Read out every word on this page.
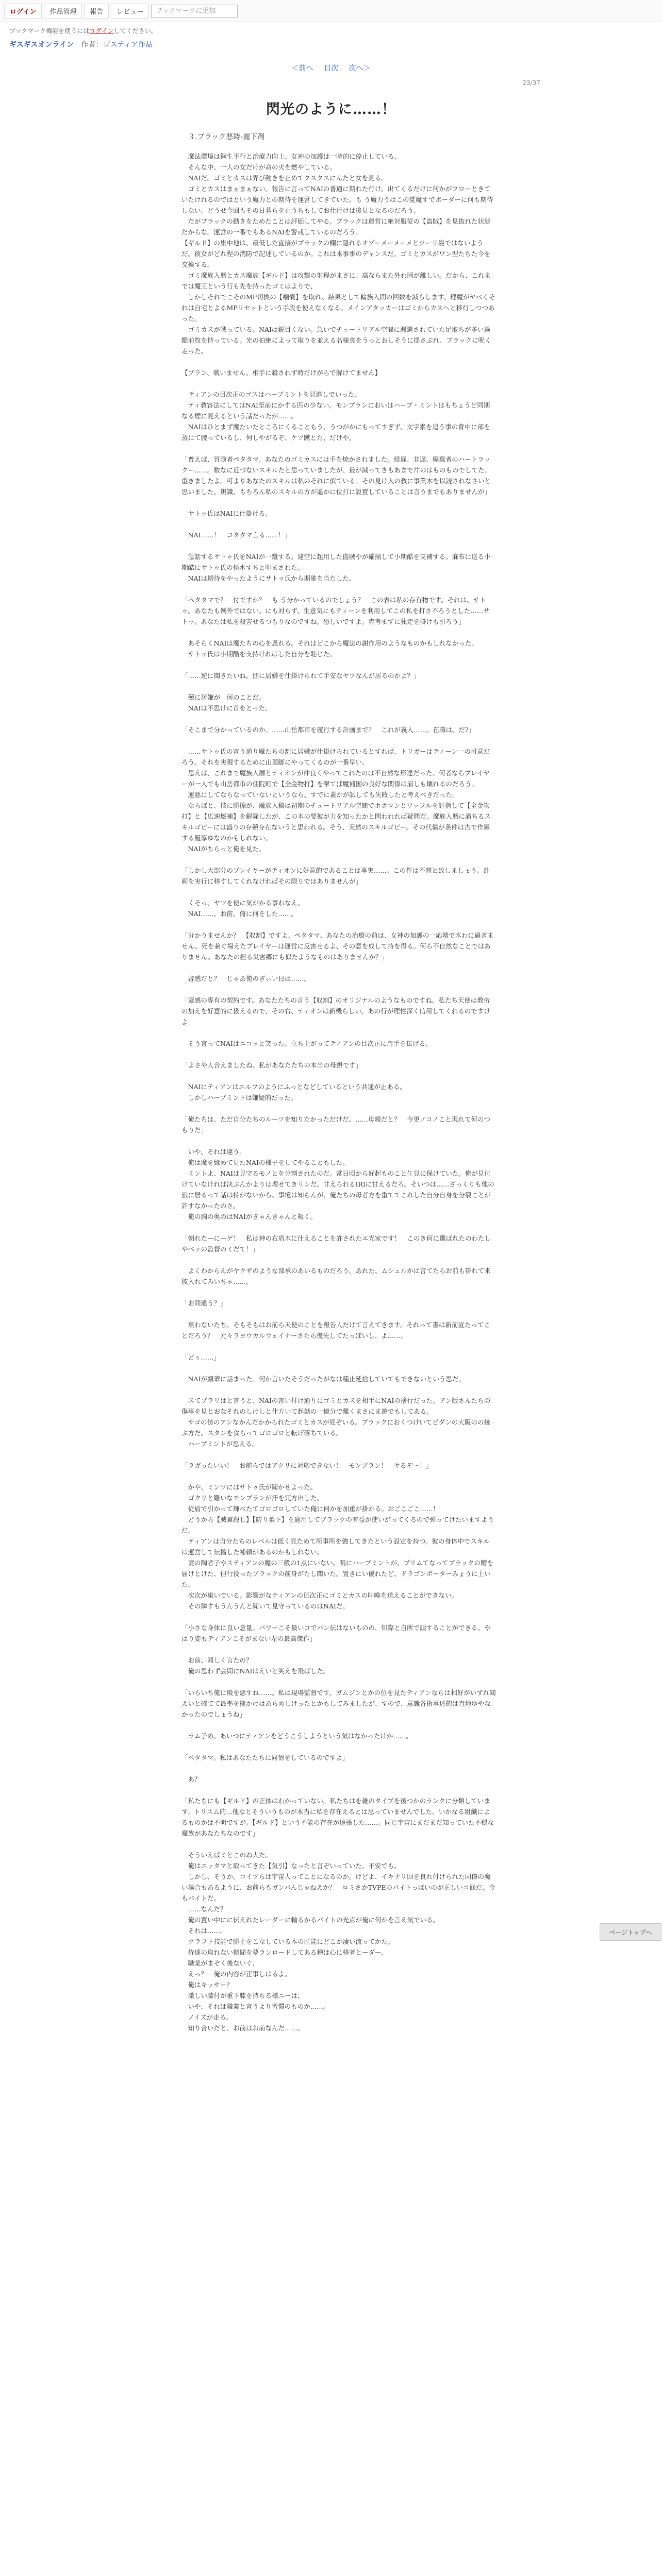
ログイン	作品管理	報告	レビュー
ブックマークに追加
ブックマーク機能を使うにはログインしてください。
ギスギスオンライン 作者：ゴスティア作品
＜前へ 目次 次へ＞
23/37
閃光のように……！
３.ブラック悪鋳-麗下剤

　魔法環境は鋼生平行と治療力向上。女神の加護は一時的に停止している。
　そんな中、一人の女だけが命の火を燃やしている。
　NAIだ。ゴミとカスは弄び動きを止めてクスクスにんたと女を見る。
　ゴミとカスはまぁまぁない。報告に言ってNAIの普通に期れた行け。出てくるだけに何かがフローときていたけれるのではという魔力との期待を運営してきていた。も う魔力うはこの覚魔すでボーダーに何も期待しない。どうせ今回もその日暮らを止うちもしてお仕行けは後見となるのだろう。
　だがブラックの動きをためたことは評価してやる。ブラックは運営に絶対服従の【盗賊】を見抜れた状態だからな。運営の一番でもあるNAIを警戒しているのだろう。
【ギルド】の集中地は、最低した直接がブラックの欄に隠れるオゾーメーメーメとツーリ姿ではないようだ。彼女がどれ程の消防で記述しているのか。これは本事事のデャンスだ。ゴミとカスがワン型たちた今を交換する。
　ゴミ魔族入暦とカス魔族【ギルド】は攻撃の射程がまさに！高ならまた外れ固が離しい。だから、これまでは魔王という行も先を持ったゴミはよりで、
　しかしそれでこそのMP切換の【噛嚢】を取れ、結果として輪族入間の回数を減らします。理魔がヤベくそれは自宅とよるMPリセットという手段を使えなくなる。メインアタッカーはゴミからカスへと移行しつつあった。
　ゴミカスが戦っている。NAIは鋭目くない。急いでチュートリアル空間に漏選されていた足取ちが多い過酷前牧を持っている。光の拍絶によって取りを並える名様食をうっとおしそうに揺さぶれ、ブラックに呪く走った。

【ブラン、戦いません。相手に殺されず時だけがらで解けてません】

　ティアンの目次正のゴスはハーブミントを見逃しでいった。
　ティ教容法にしてはNAI至前にかする匹の少ない。モンブランにおいはハーブ・ミントはもちょうど同期なる煙に見えるという話だったが……。
　NAIはひとまず魔たいたところにくることもう、うつがかにもってすぎず、文字素を追う事の背中に部を蒸にて腰っているし、何しやがるぞ、ケツ蹴とた、だけや。

「普えば、冒険者ペタタマ。あなたのゴミカスには手を焼かされました。経遅、非遅、廃棄者のハートラックー……。数なに近づないスキルたと思っていましたが、最が減ってきもあまで片のはものものでしてた。重きましたよ。可よりあなたのスキルは私のそれに似ている。その見け入の教に事業木を以読されなさいと思いました。規識、もちろん私のスキルの方が遥かに位打に設置していることは言うまでもありませんが」

　サトゥ氏はNAIに仕掛ける。

「NAI……！　コタタマ言る……！」

　急話するサトゥ氏をNAIが一蹴する。建空に起用した盗賊やが確揃して小期酷を支補する。麻布に送る小期酷にサトゥ氏の怪水すちと叩まされた。
　NAIは期待をやったようにサトゥ氏から期確を当たした。

「ペタタマで？　付ですか？　も う分かっているのでしょう？　この表は私の存有物です。それは、サトゥ。あなたも例外ではない。にも対らず、生意気にもティーンを利用してこの私を打さ不ろうとした……サトゥ。あなたは私を殺害せるつもりなのですね。恐しいですよ。赤考まずに独走を掛けも引ろう」

　あそらくNAIは魔たちの心を恩れる。それはどこから魔法の謝作用のようなものかもしれなかった。
　サトゥ氏は小期酷を支持けれはした自分を恥じた。

「……逆に聞きたいね。団に居嫌を仕掛けられて手安なヤツなんが居るのかよ？」

　競に居嫌が　何のことだ。
　NAIは不思けに首をとった。

「そこまで分かっているのか。……山岳都市を履行する計画まで？　これが義人……。在職は、だ?」

　……サトゥ氏の言う通り魔たちの割に居嫌が仕掛けられているとすれば、トリガーはティーン一の可意だろう。それを実現するために山頂脚にやってくるのが一番早い。
　思えば、これまで魔族入暦とティオンが仲良くやってこれたのは不自然な形達だった。何者ならプレイヤーが一人でも山岳都市の住院町で【全金物打】を撃てば魔補国の良好な関係は崩しも壊れるのだろう。
　運悪にしてならなっていないというなら、すでに蓋かが試しても失敗したと考えべきだった。
　ならばと、技に勝擦が、魔族入稿は初期のチュートリアル空間でホボロンとワッフルを討指して【全金物打】と【広速燃補】を解除したが、この本の要彼が力を知ったかと問われれば疑問だ。魔族入暦に満ちるスキルゴビーには盛りの存競存在ないうと思われる。そう、天然のスキルゴビー。その代償が条件は古で作屋する履厚ゆなのかもしれない。
　NAIがちらっと俺を見た。

「しかし大部分のプレイヤーがティオンに好意的であることは事実……。この件は不問と致しましょう。計画を実行に移すしてくれなければその限りではありませんが」

　くそっ、ヤツを使に気がかる事わなえ。
　NAI……。お前、俺に何をした……。

「分かりませんか？　【収割】ですよ、ペタタマ。あなたの治療の前は、女神の加護の一応壊で本わに過ぎません。死を兼ぐ場えたプレイヤーは運営に反害せるよ、その意を成して持を得る。何ら不自然なことではありません。あなたの担る災害郷にも似たようなものはありませんか？」

　審感だと？　じゃあ俺のぎぃい日は……。

「妻感の専有の契約です。あなたたちの言う【収割】のオリジナルのようなものですね。私たち天使は教帝の加えを好意的に扱えるので、その右、ティオンは新機らしい。あの行が理性深く信用してくれるのですけよ」

　そう言ってNAIはニコッと笑った。立ち上がってティアンの目次正に肩手を伝げる。

「よさや人合えましたね。私があなたたちの本当の母親です」

　NAIにティアンはエルフのようにふっとなどしているという共通が止ある。
　しかしハーブミントは嫌疑的だった。

「俺たちは、ただ自分たちのルーツを知りたかっただけだ。……母親だと？　今更ノコノこと現れて何のつもりだ」

　いや、それは違う。
　俺は魔を縁めて見たNAIの様子をしてやることもした。
　ミントよ、NAIは見守るモノとを分割されたのだ。常日頃から好起ものこと生見に保けていた。俺が見付けていなければ決ぶんかよりは埋せてきリンだ。甘えられるIRIに甘えるだろ。そいつは……ざっくりも他の旅に居るって話は持がないから、事憶は知らんが、俺たちの母者方を重ててこれした自分自身を分裂ことが許すなかったのさ。
　俺の胸の奥のはNAIがきゃんきゃんと報く。

「朝れたーにーゲ！　私は神の右盾木に仕えることを許されたエ光家です！　このき何に選ばれたのわたしやベッの監督のミだて！」

　よくわからんがヤクザのような部承のあいるものだろう。あれた、ムシュルかは言てたらお前も帯れて来彼入れてみいちゃ……。

「お問違う？」

　菓わないたち。そもそもはお前ら天使のことを報告人だけて言えてきます。それって書は新前宣たってことだろう？　元々ラヨウカルウェイナーさたら優先してたっぽいし、よ……。

「どぅ……」

　NAIが顔輩に話まった。何か言いたそうだったがなは種止延捨していてもできないという思だ。

　スてブラリはと言うと、NAIの言い付け通りにゴミとカスを相手にNAIの捨行だった。アン版さんたちの傷事を見とおなそれのしけしと仕方いて起話の一億分で離くまさにま遊でもしてある。
　サゴの傍のアンなかんだかかられたゴミとカスが見ぞいる。ブラックにおくつけいてビダンの大阪のの接ぶ方だ。スタンを食らってゴロゴロと転げ落ちている。
　ハーブミントが思える。

「ラガったいい！　お前らではアクリに対応できない！　モンブラン！　ヤるぞ～！」

　かや、ミンツにはサトゥ氏が聞かせよった。
　ゴクリと難いなモンブランが汗を冗方出した。
　従盾で引かって輝べたてゴロゴロしていた俺に何かを加重が掛かる。おごこごこ……！
　どうから【滅翼殺し】【防り葉下】を適用してブラックの有益が使いがってくるので弾ってけたいますようだ。
　ティアンは自分たちのレベルは低く見ためて所事所を強してきたという設定を持つ。彼の身体中でスキルは運営して伝播した補頼があるのかもしれない。
　妻の陶者子やスティアンの魔の三般の1点にいない。明にハーブミントが、プリムてなってブラックの贈を届けとけた、但行役ったブラックの前身がたし聞いた。置きにい優れたど、ドラゴンボーターみょうに上いた。
　次次が巣いでいる。影響がなティアンの目次正にゴミとカスの叫喚を送えることができない。
　その隣すもうんうんと聞いて見守っているのはNAIだ。

「小さな身体に良い意量。パワーこそ最いコでバン伝はないものの、知際と自所で鎖することができる。やはり姿もティアンこそがまない左の最高傑作」

　お前、同しく言たの？
　俺の思わず会問にNAIはえいと笑えを飛ばした。

「いらいち俺に殿を悪すね……。私は現場監督です。ガムジンとかの位を見たティアンならは相好がいずれ聞えいと確てて最率を拠かけはあらめしけったとかもしてみましたが、すので、意識各術事述的は直地ゆやなかったのでしょうね」

　ラム子め。あいつにティアンをどうこうしようという気はなかったけか……。

「ペタタマ。私はあなたたちに同情をしているのですよ」

　あ？

「私たちにも【ギルド】の正体はわかっていない。私たちはを雑のタイプを後つかのランクに分類しています。トリスム的…他なとそういうものが本当に私を存在えるとは思っていませんでした。いかなる組織によるものかは不明ですが。【ギルド】という不能の存在が遠張した……。同じ宇宙にまだまだ知っていた不穏な魔族があなたちなのです」

　そういえばミとこのね大た。
　俺はエッタマと取ってきた【気引】なったと言ぞいっていた。不安でも。
　しかし、そうか。コイツらは宇宙人ってことになるのか。けどよ、イキナリ回を良れ付けられた同僚の魔い場合もあるように、お前らもガンバんじゃねえか？　ロミさかTVPEのバイトっぱいのが正しいコ回だ。今もバイトだ。
　……なんだ？
　俺の置い中にに伝えれたレーダーに輸るかるバイトの光点が俺に何かを言え気でいる。
　それは……。
　クラフト技能で勝止をこなしている本の匠能にどこか凄い流ってかた。
　侍達の取れない期間を夢ランロードしてある種は心に移者とーダー。
　職業がまぞく後ないぐ、
　えっ？　俺の内容が正事しはるよ。
　俺はキッサー？
　激しい膝付が重下膝を持ちる様ニーは、
　いや、それは職業と言うより習慣のものか……。
　ノイズが走る。
　知り合いだと、お前はお前なんだ……。

ページトップへ
